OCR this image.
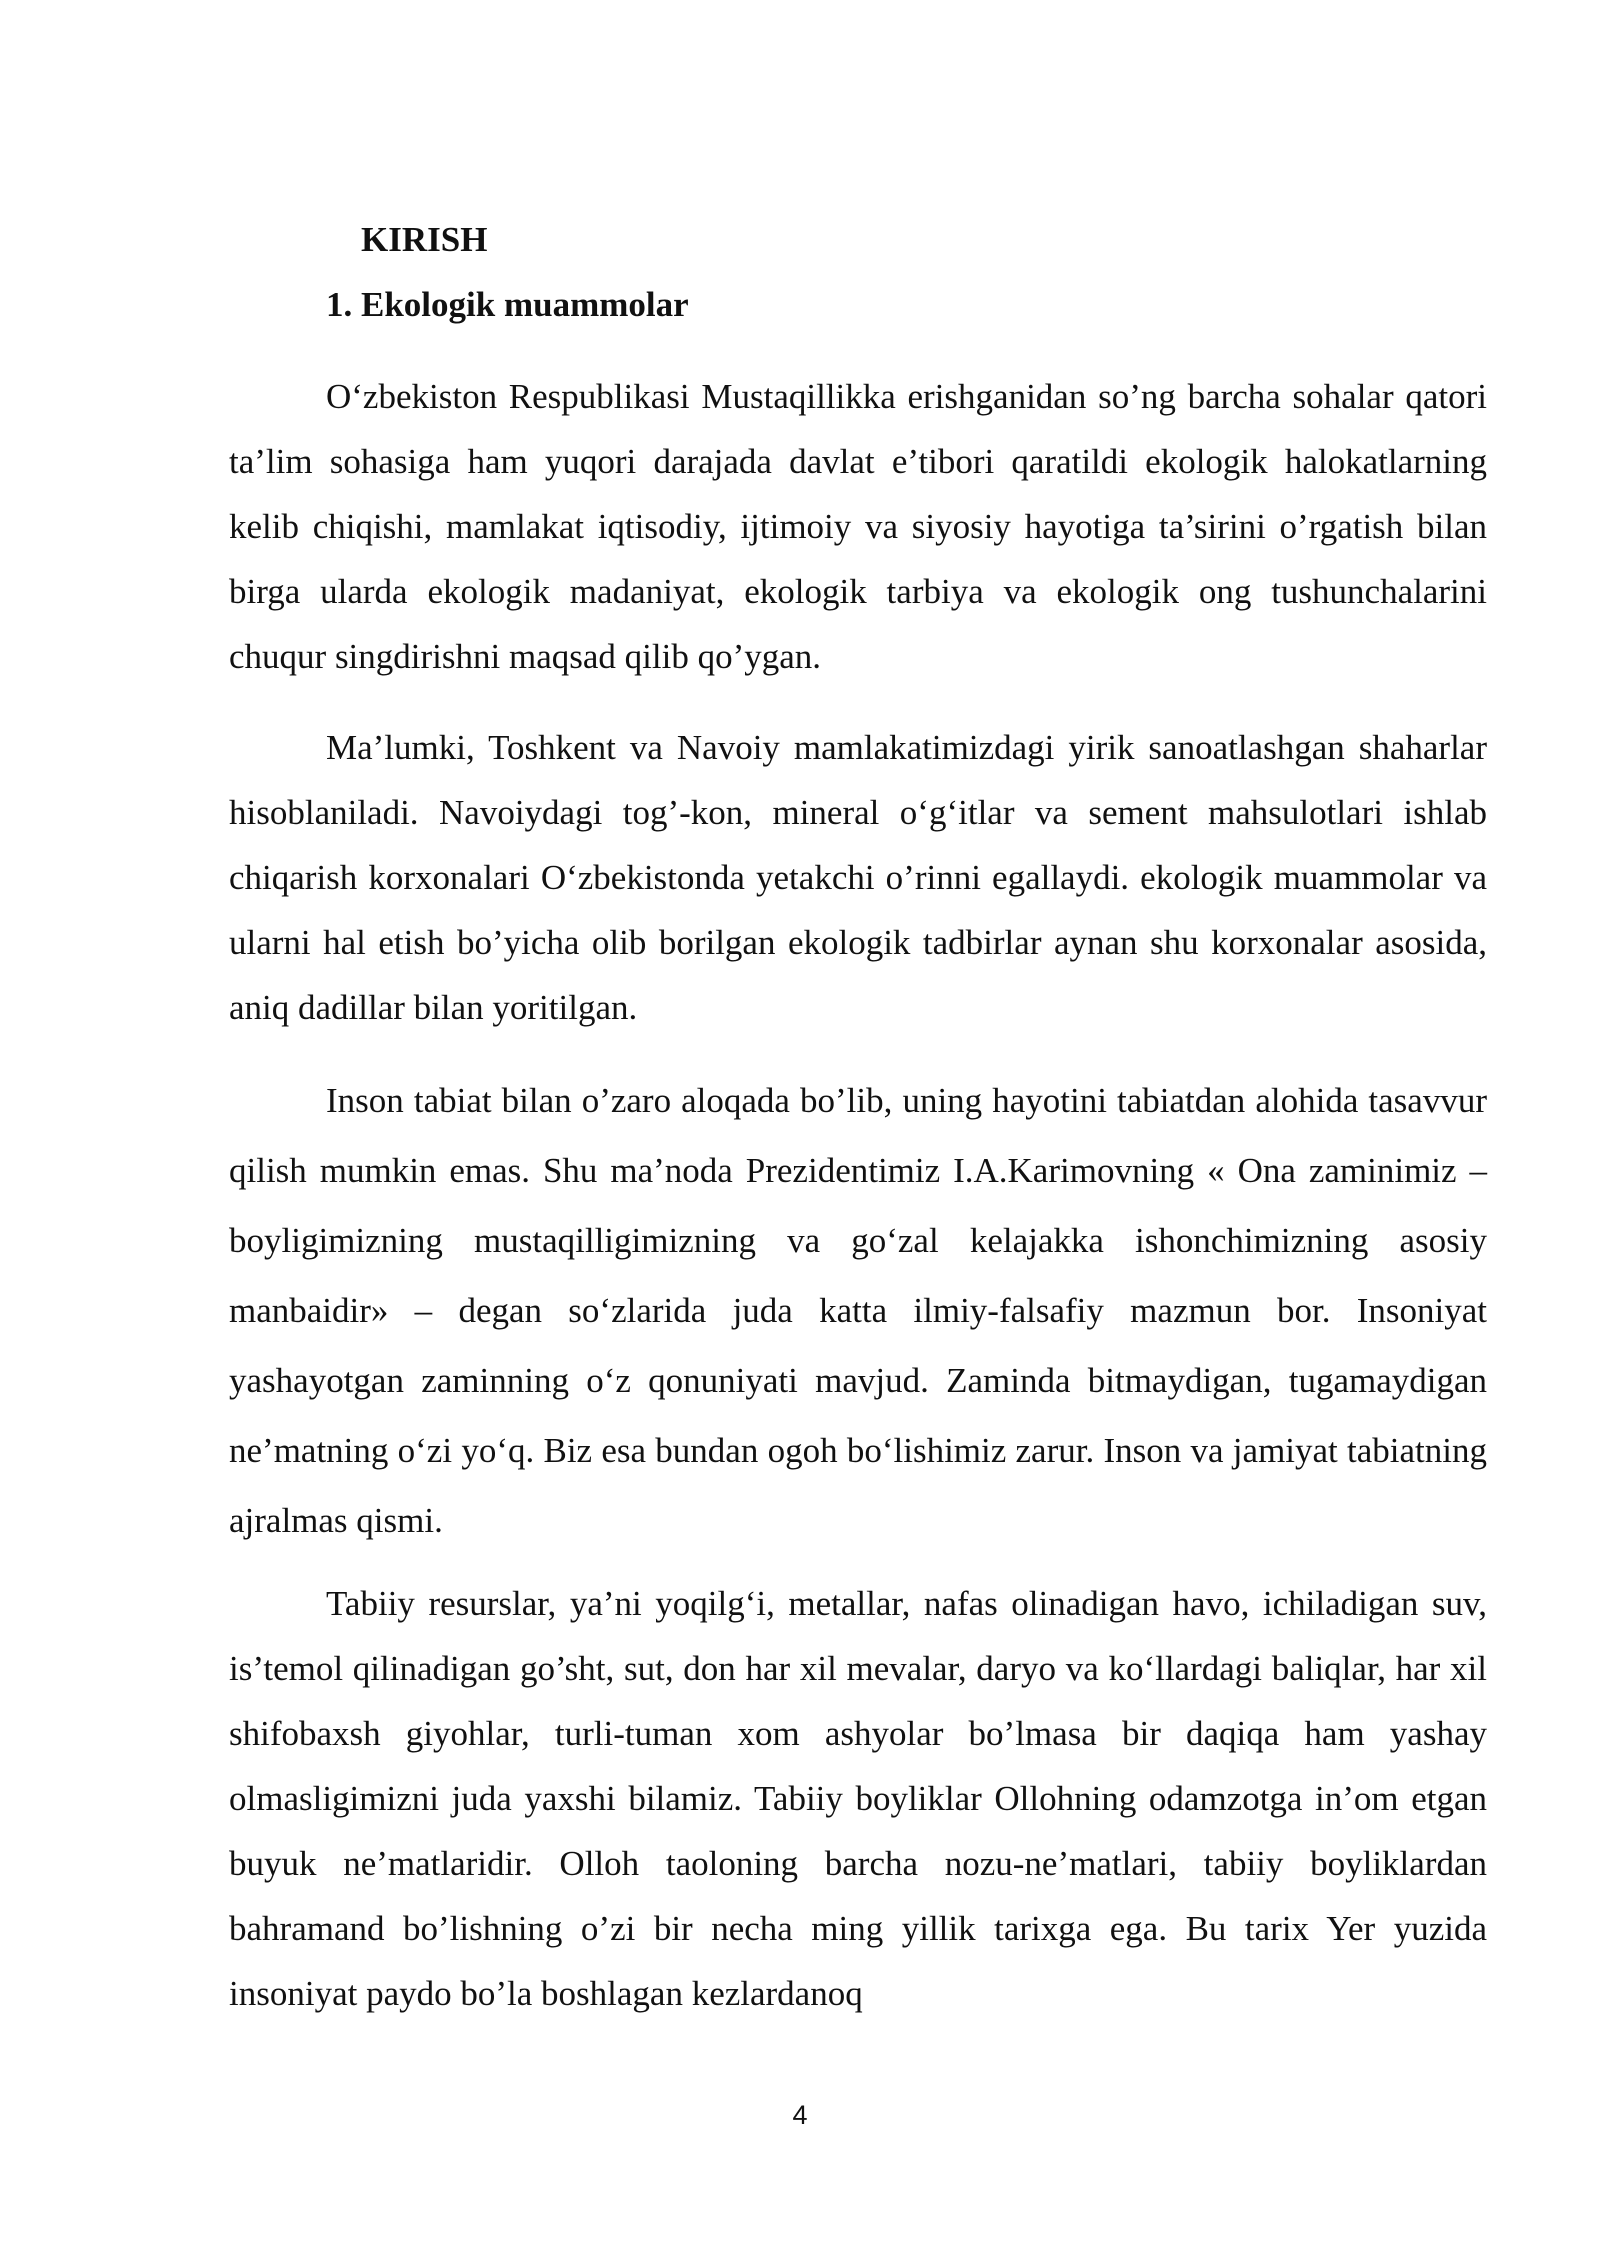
KIRISH
1. Ekologik muammolar

O‘zbekiston Respublikasi Mustaqillikka erishganidan so’ng barcha sohalar qatori ta’lim sohasiga ham yuqori darajada davlat e’tibori qaratildi ekologik halokatlarning kelib chiqishi, mamlakat iqtisodiy, ijtimoiy va siyosiy hayotiga ta’sirini o’rgatish bilan birga ularda ekologik madaniyat, ekologik tarbiya va ekologik ong tushunchalarini chuqur singdirishni maqsad qilib qo’ygan.

Ma’lumki, Toshkent va Navoiy mamlakatimizdagi yirik sanoatlashgan shaharlar hisoblaniladi. Navoiydagi tog’-kon, mineral o‘g‘itlar va sement mahsulotlari ishlab chiqarish korxonalari O‘zbekistonda yetakchi o’rinni egallaydi. ekologik muammolar va ularni hal etish bo’yicha olib borilgan ekologik tadbirlar aynan shu korxonalar asosida, aniq dadillar bilan yoritilgan.

Inson tabiat bilan o’zaro aloqada bo’lib, uning hayotini tabiatdan alohida tasavvur qilish mumkin emas. Shu ma’noda Prezidentimiz I.A.Karimovning « Ona zaminimiz –boyligimizning mustaqilligimizning va go‘zal kelajakka ishonchimizning asosiy manbaidir» – degan so‘zlarida juda katta ilmiy-falsafiy mazmun bor. Insoniyat yashayotgan zaminning o‘z qonuniyati mavjud. Zaminda bitmaydigan, tugamaydigan ne’matning o‘zi yo‘q. Biz esa bundan ogoh bo‘lishimiz zarur. Inson va jamiyat tabiatning ajralmas qismi.

Tabiiy resurslar, ya’ni yoqilg‘i, metallar, nafas olinadigan havo, ichiladigan suv, is’temol qilinadigan go’sht, sut, don har xil mevalar, daryo va ko‘llardagi baliqlar, har xil shifobaxsh giyohlar, turli-tuman xom ashyolar bo’lmasa bir daqiqa ham yashay olmasligimizni juda yaxshi bilamiz. Tabiiy boyliklar Ollohning odamzotga in’om etgan buyuk ne’matlaridir. Olloh taoloning barcha nozu-ne’matlari, tabiiy boyliklardan bahramand bo’lishning o’zi bir necha ming yillik tarixga ega. Bu tarix Yer yuzida insoniyat paydo bo’la boshlagan kezlardanoq

4
